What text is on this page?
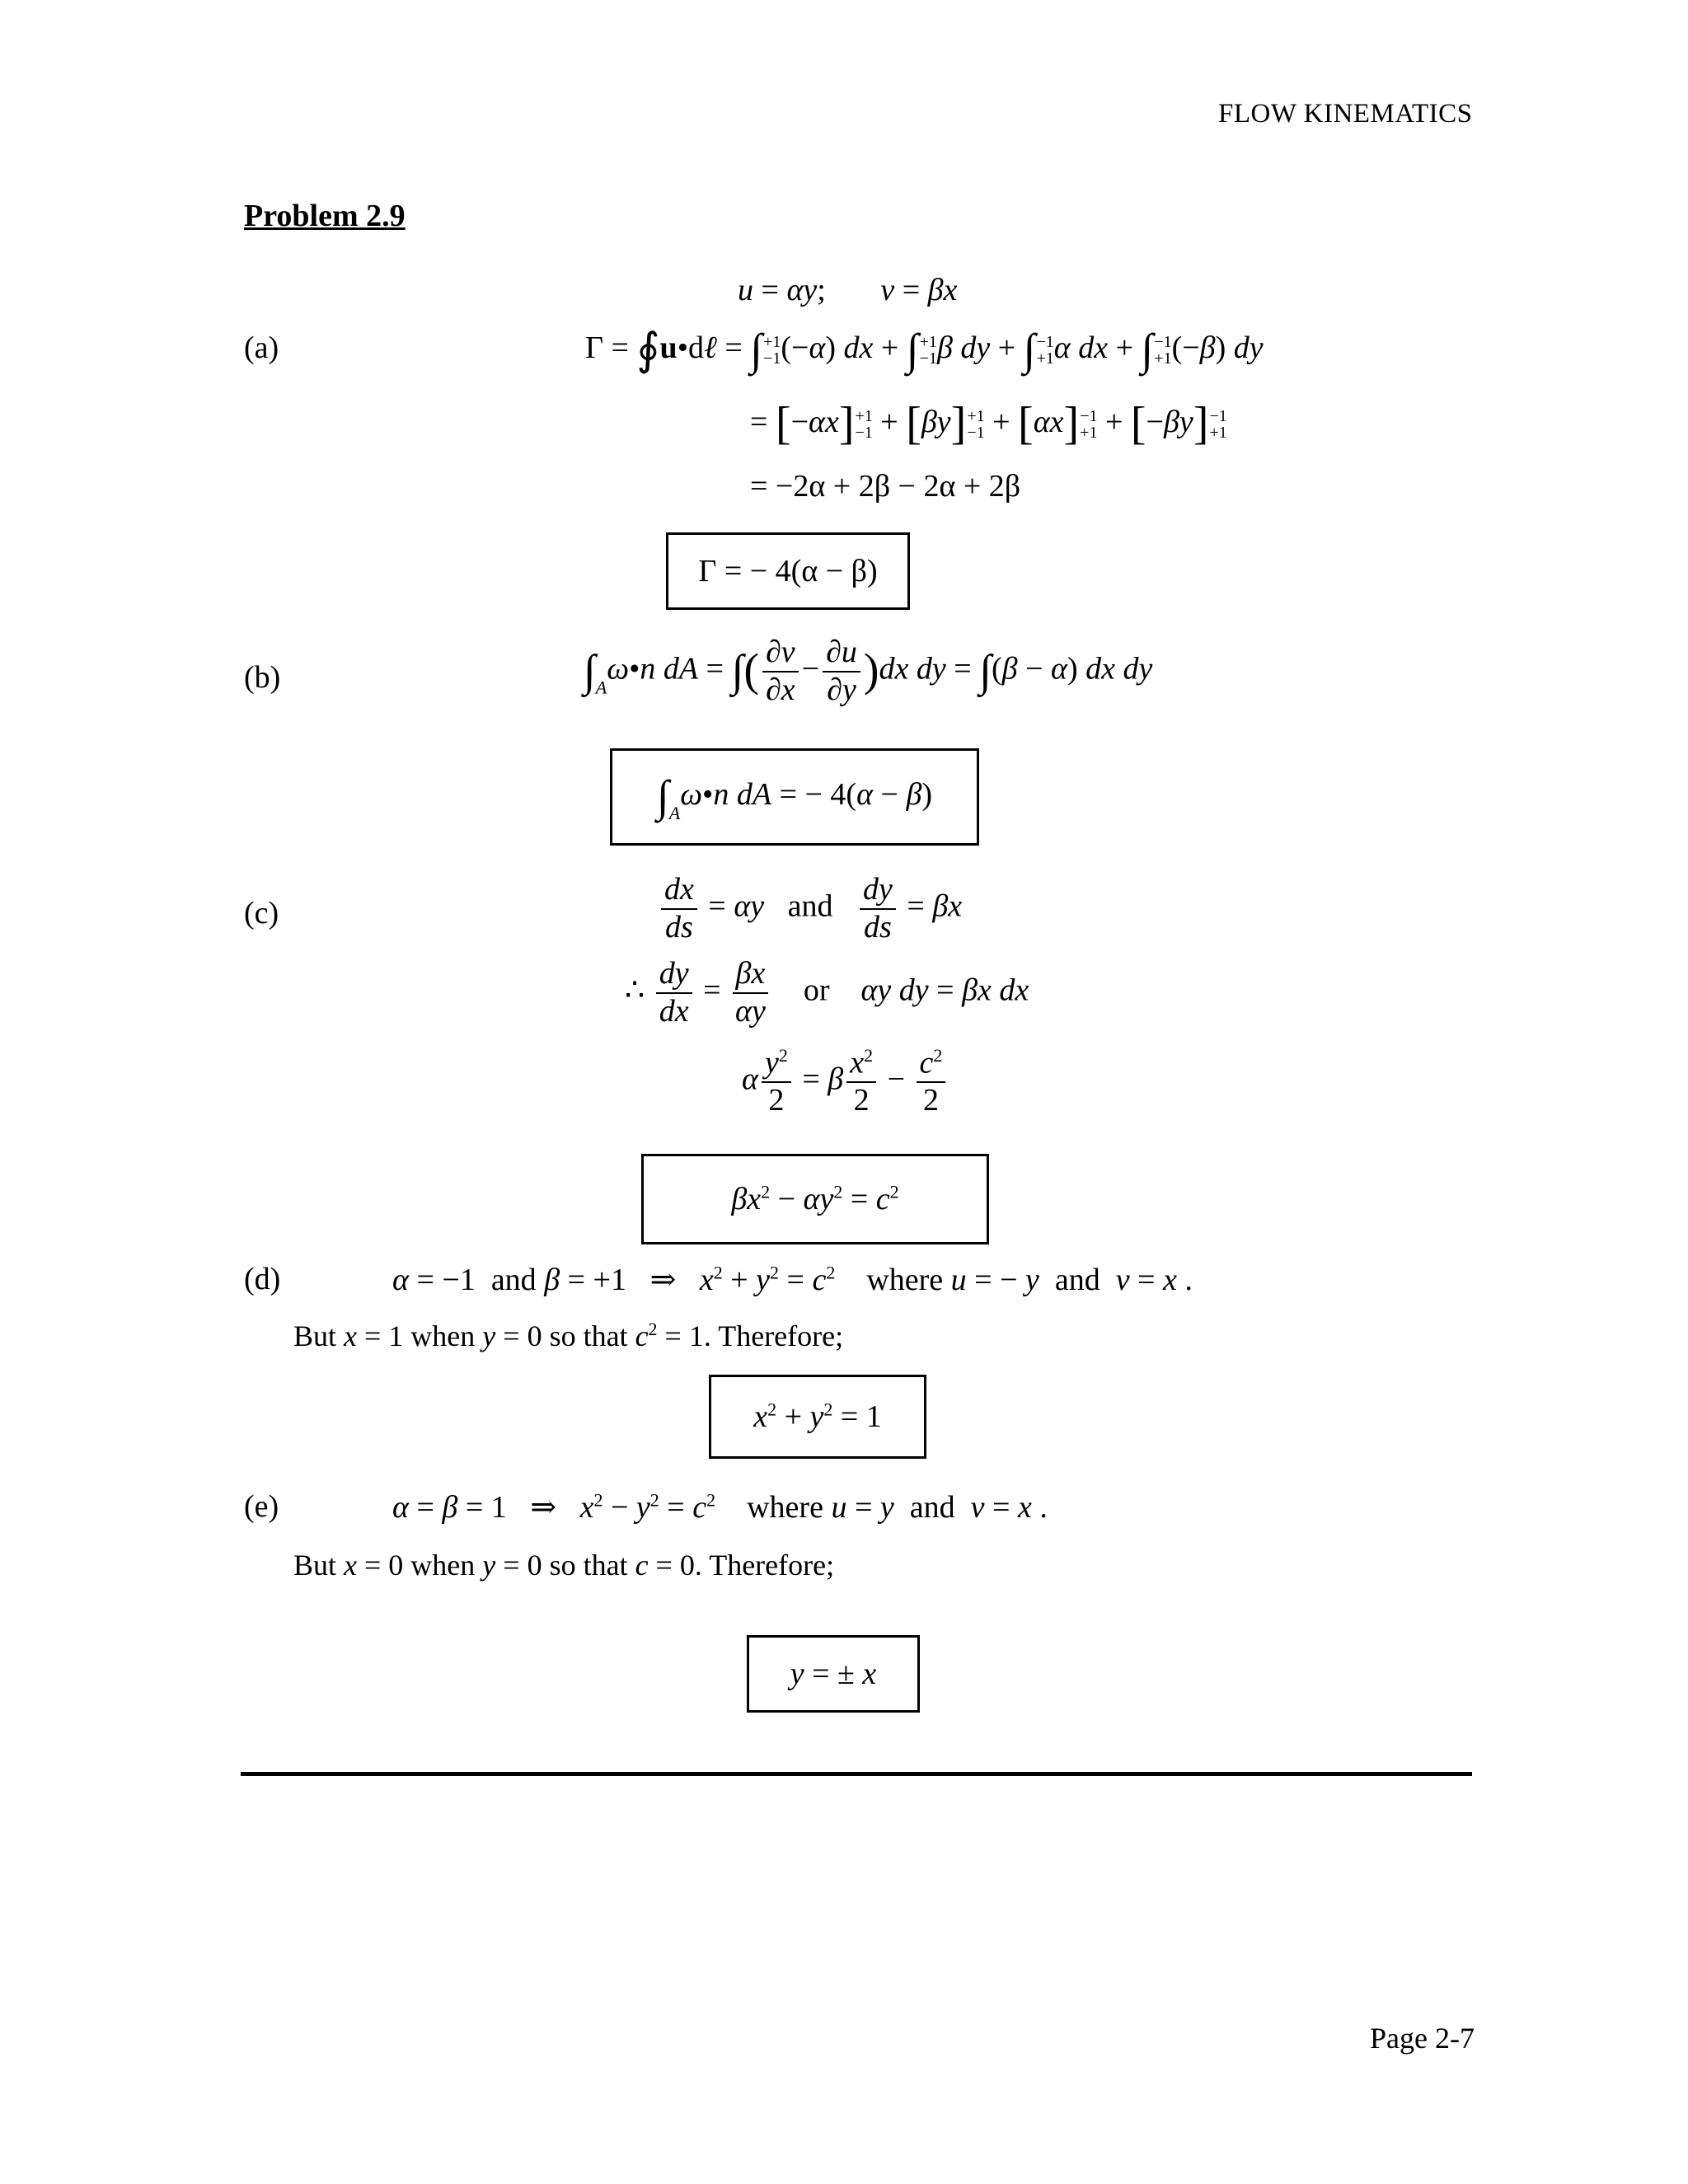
FLOW KINEMATICS
Problem 2.9
(a)
u = αy;       v = βx
Γ = ∮u•dℓ = ∫ +1
−1 (−α) dx + ∫ +1
−1 β dy + ∫ −1
+1 α dx + ∫ −1
+1 (−β) dy
= [−αx] +1
−1 + [βy] +1
−1 + [αx] −1
+1 + [−βy] −1
+1
= −2α + 2β − 2α + 2β
Γ = − 4(α − β)
(b)	$\int_A\omega•n$ dA = ∫( $\frac{\partial v}{\partial x} - \frac{\partial u}{\partial y} )dx$ dy = ∫(β − α) dx dy
$\int_A\omega•n$ dA = − 4(α − β)
(c)	$\frac{dx}{ds} = \alpha y$ and $\frac{dy}{ds} = \beta x$
∴ $\frac{dy}{dx} = \frac{\beta x}{\alpha y}$ or αy dy = βx dx
α $\frac{y^2}{2} = \beta \frac{x^2}{2} - \frac{c^2}{2}$
$\beta x^2 - \alpha y^2 = c^2$
(d)	α = −1  and β = +1   ⇒   $x^2 + y^2 = c^2$    where u = − y  and  v = x .
But x = 1 when y = 0 so that $c^2 = 1$. Therefore;
$x^2 + y^2 = 1$
(e)	α = β = 1   ⇒   $x^2 - y^2 = c^2$    where u = y  and  v = x .
But x = 0 when y = 0 so that c = 0. Therefore;
y = ± x
Page 2-7
